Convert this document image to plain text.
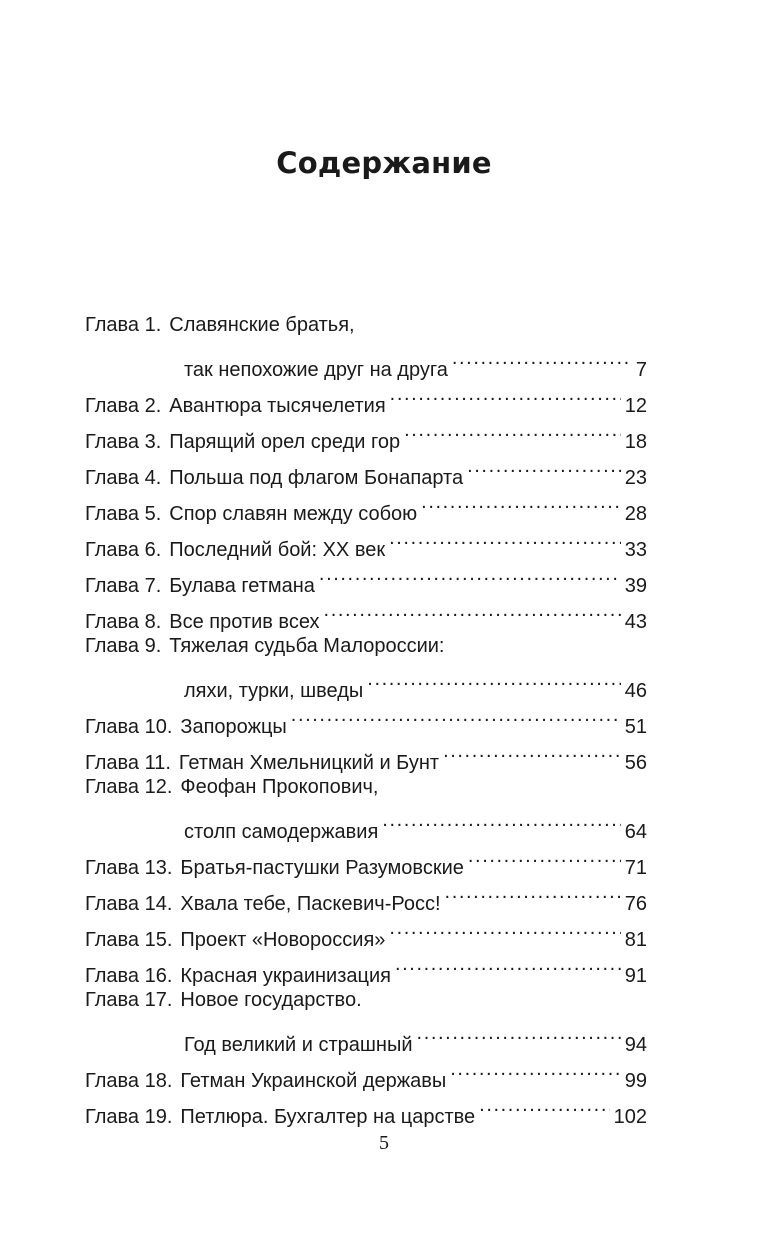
Содержание
Глава 1. Славянские братья,
так непохожие друг на друга .....	7
Глава 2. Авантюра тысячелетия .....	12
Глава 3. Парящий орел среди гор .....	18
Глава 4. Польша под флагом Бонапарта .....	23
Глава 5. Спор славян между собою .....	28
Глава 6. Последний бой: XX век .....	33
Глава 7. Булава гетмана .....	39
Глава 8. Все против всех .....	43
Глава 9. Тяжелая судьба Малороссии:
ляхи, турки, шведы .....	46
Глава 10. Запорожцы .....	51
Глава 11. Гетман Хмельницкий и Бунт .....	56
Глава 12. Феофан Прокопович,
столп самодержавия .....	64
Глава 13. Братья-пастушки Разумовские .....	71
Глава 14. Хвала тебе, Паскевич-Росс! .....	76
Глава 15. Проект «Новороссия» .....	81
Глава 16. Красная украинизация .....	91
Глава 17. Новое государство.
Год великий и страшный .....	94
Глава 18. Гетман Украинской державы .....	99
Глава 19. Петлюра. Бухгалтер на царстве .....	102
5
